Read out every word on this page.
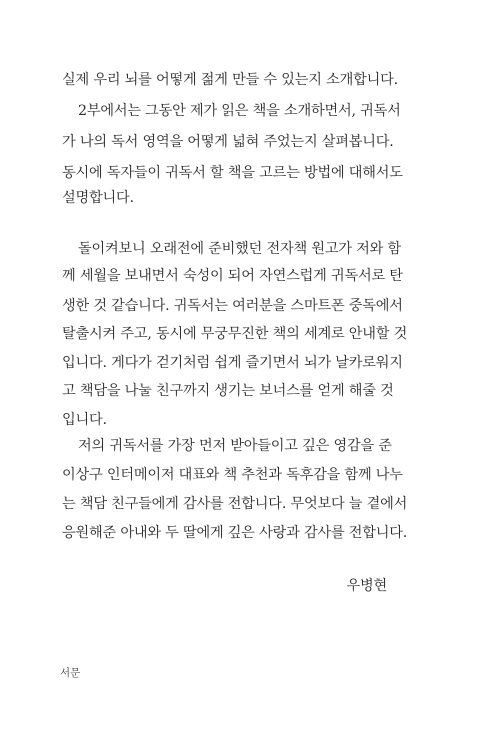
실제 우리 뇌를 어떻게 젊게 만들 수 있는지 소개합니다.
2부에서는 그동안 제가 읽은 책을 소개하면서, 귀독서
가 나의 독서 영역을 어떻게 넓혀 주었는지 살펴봅니다.
동시에 독자들이 귀독서 할 책을 고르는 방법에 대해서도
설명합니다.
돌이켜보니 오래전에 준비했던 전자책 원고가 저와 함
께 세월을 보내면서 숙성이 되어 자연스럽게 귀독서로 탄
생한 것 같습니다. 귀독서는 여러분을 스마트폰 중독에서
탈출시켜 주고, 동시에 무궁무진한 책의 세계로 안내할 것
입니다. 게다가 걷기처럼 쉽게 즐기면서 뇌가 날카로워지
고 책담을 나눌 친구까지 생기는 보너스를 얻게 해줄 것
입니다.
저의 귀독서를 가장 먼저 받아들이고 깊은 영감을 준
이상구 인터메이저 대표와 책 추천과 독후감을 함께 나누
는 책담 친구들에게 감사를 전합니다. 무엇보다 늘 곁에서
응원해준 아내와 두 딸에게 깊은 사랑과 감사를 전합니다.
우병현
서문
